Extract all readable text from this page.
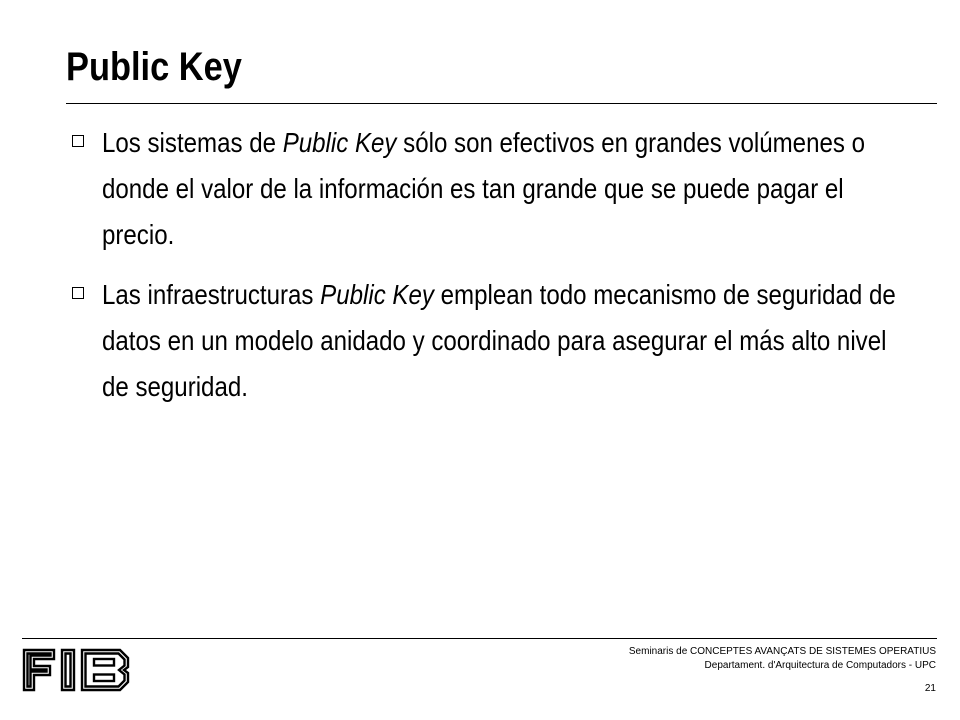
Public Key
Los sistemas de Public Key sólo son efectivos en grandes volúmenes o donde el valor de la información es tan grande que se puede pagar el precio.
Las infraestructuras Public Key emplean todo mecanismo de seguridad de datos en un modelo anidado y coordinado para asegurar el más alto nivel de seguridad.
Seminaris de CONCEPTES AVANÇATS DE SISTEMES OPERATIUS
Departament. d'Arquitectura de Computadors - UPC
21
